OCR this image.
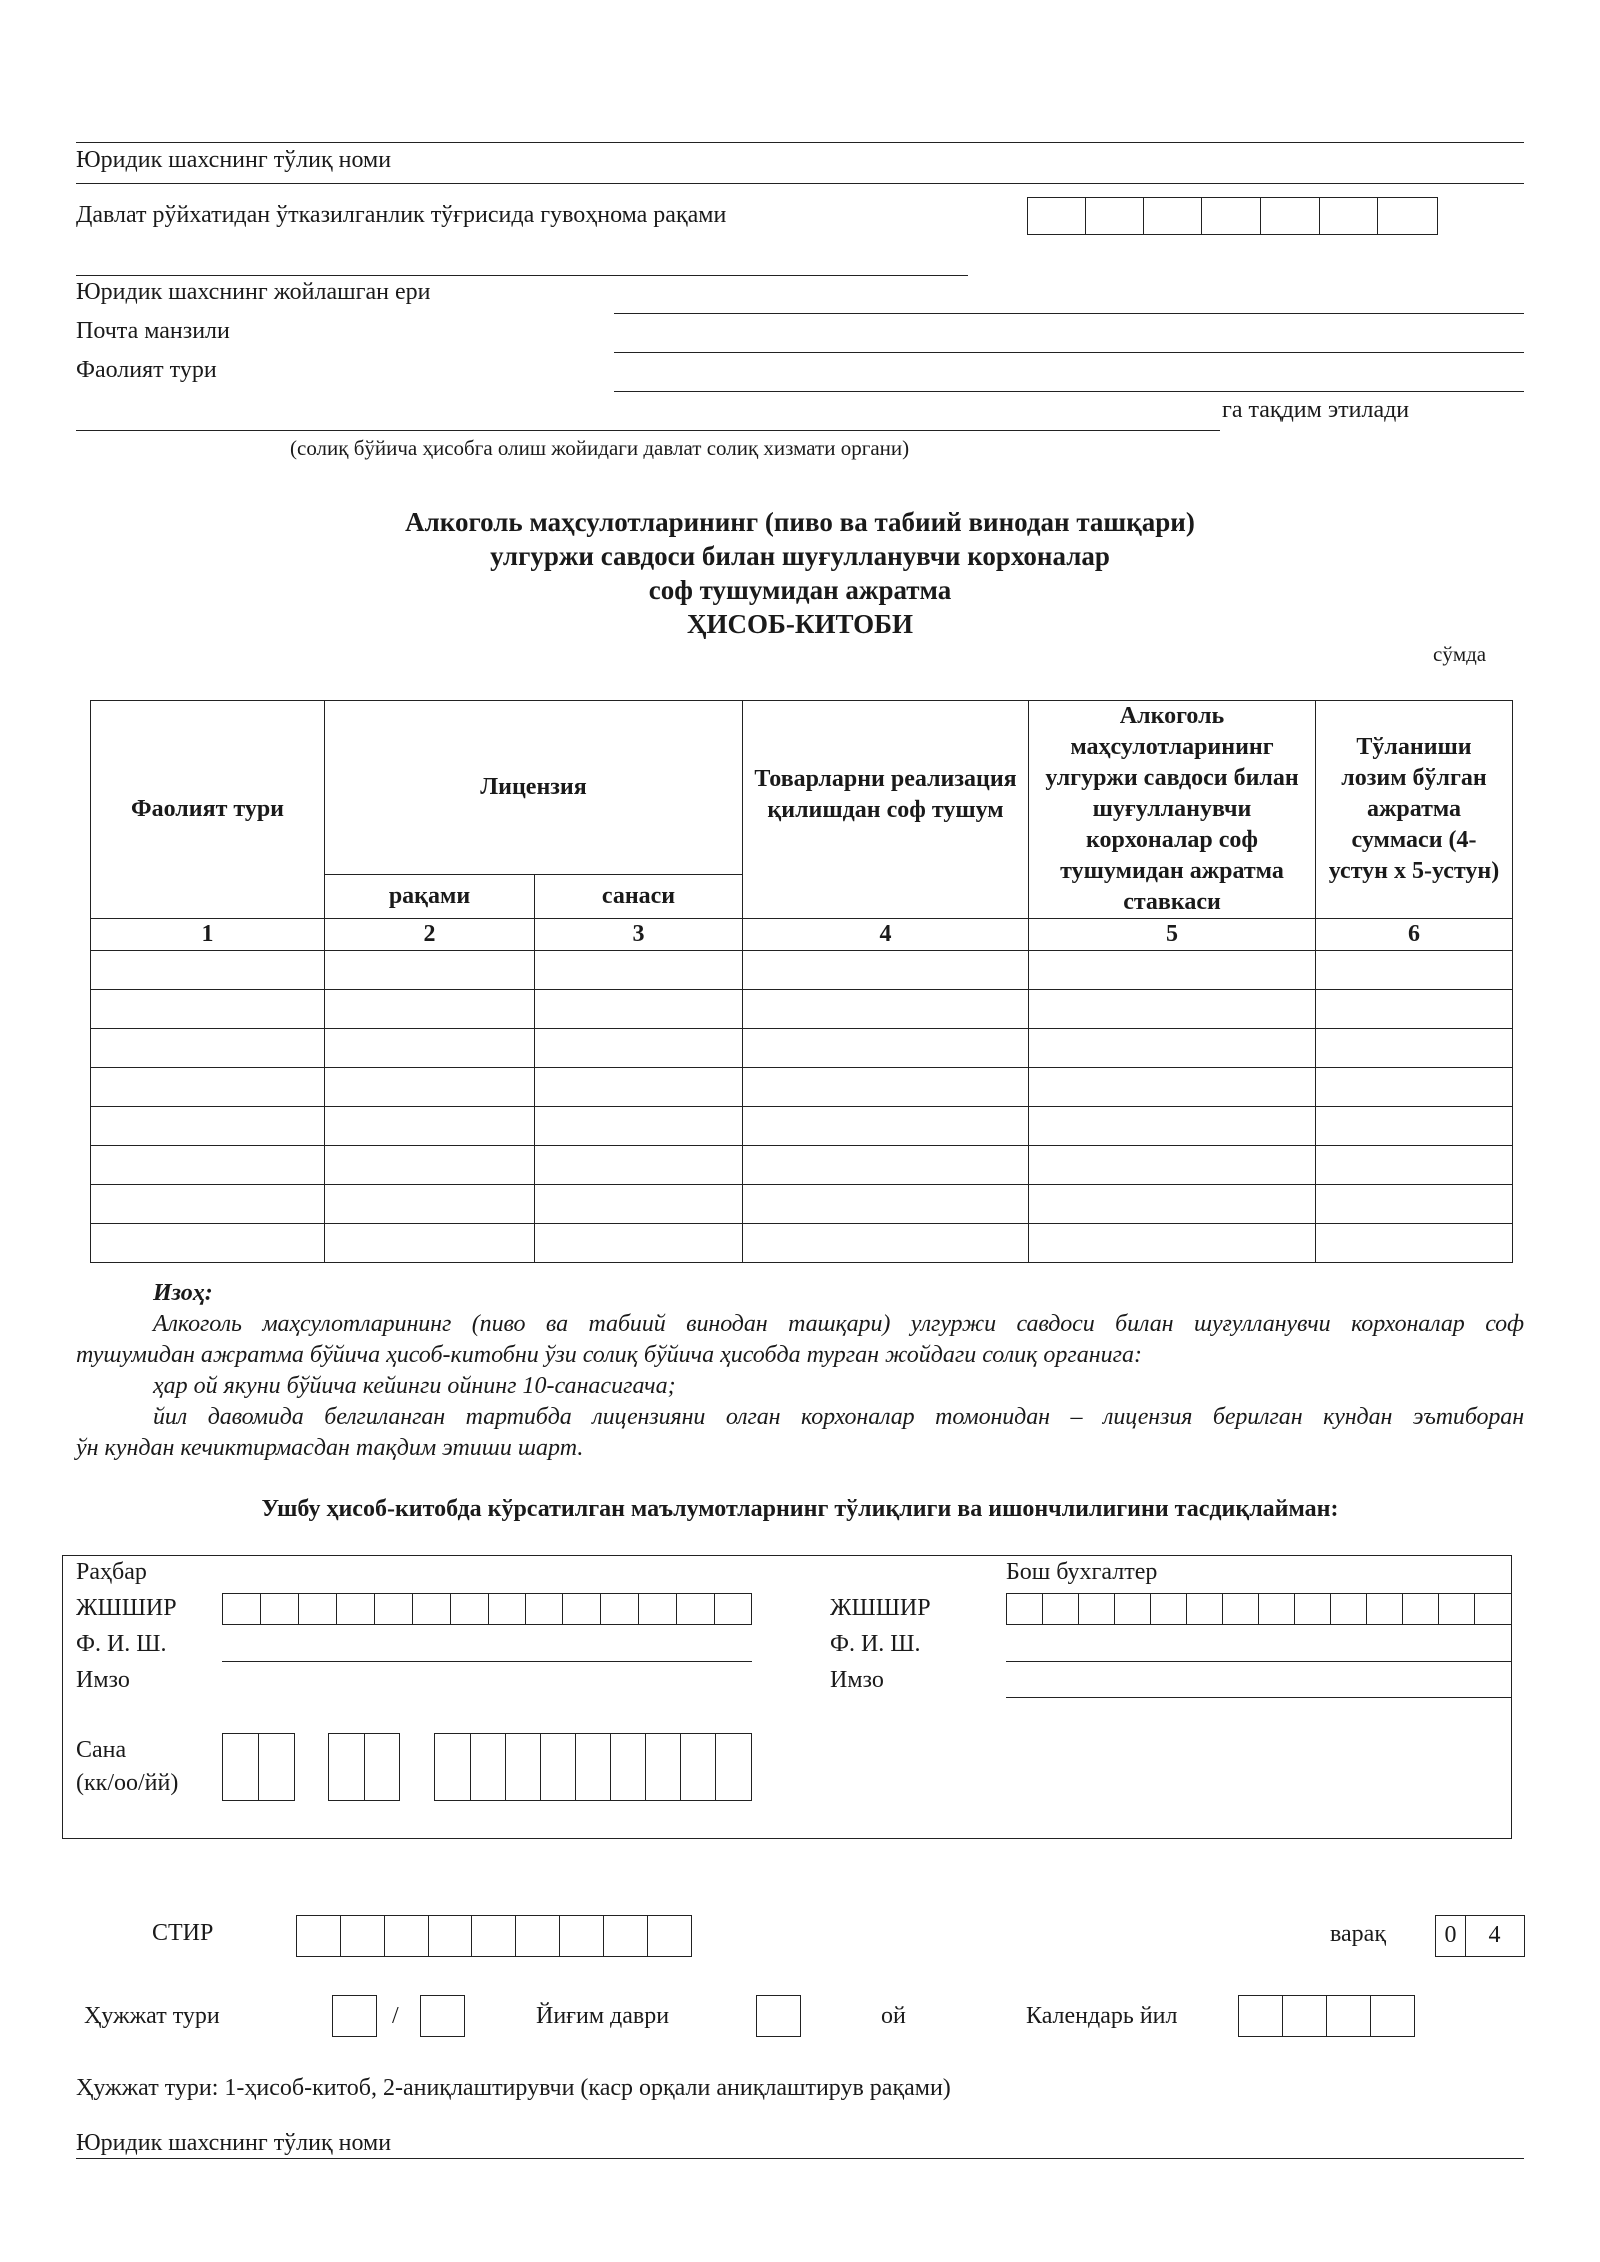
Юридик шахснинг тўлиқ номи
Давлат рўйхатидан ўтказилганлик тўғрисида гувоҳнома рақами
Юридик шахснинг жойлашган ери
Почта манзили
Фаолият тури
га тақдим этилади
(солиқ бўйича ҳисобга олиш жойидаги давлат солиқ хизмати органи)
Алкоголь маҳсулотларининг (пиво ва табиий винодан ташқари)
улгуржи савдоси билан шуғулланувчи корхоналар
соф тушумидан ажратма
ҲИСОБ-КИТОБИ
сўмда
Фаолият тури	Лицензия		Товарларни реализация қилишдан соф тушум	Алкоголь маҳсулотларининг улгуржи савдоси билан шуғулланувчи корхоналар соф тушумидан ажратма ставкаси	Тўланиши лозим бўлган ажратма суммаси (4-устун х 5-устун)
	рақами	санаси			
1	2	3	4	5	6

Изоҳ:
Алкоголь маҳсулотларининг (пиво ва табиий винодан ташқари) улгуржи савдоси билан шуғулланувчи корхоналар соф
тушумидан ажратма бўйича ҳисоб-китобни ўзи солиқ бўйича ҳисобда турган жойдаги солиқ органига:
ҳар ой якуни бўйича кейинги ойнинг 10-санасигача;
йил давомида белгиланган тартибда лицензияни олган корхоналар томонидан – лицензия берилган кундан эътиборан
ўн кундан кечиктирмасдан тақдим этиши шарт.
Ушбу ҳисоб-китобда кўрсатилган маълумотларнинг тўлиқлиги ва ишончлилигини тасдиқлайман:
Раҳбар
ЖШШИР
Ф. И. Ш.
Имзо
Сана
(кк/оо/йй)
Бош бухгалтер
ЖШШИР
Ф. И. Ш.
Имзо
СТИР	варақ	0	4
Ҳужжат тури	/	Йиғим даври	ой	Календарь йил
Ҳужжат тури: 1-ҳисоб-китоб, 2-аниқлаштирувчи (каср орқали аниқлаштирув рақами)
Юридик шахснинг тўлиқ номи
